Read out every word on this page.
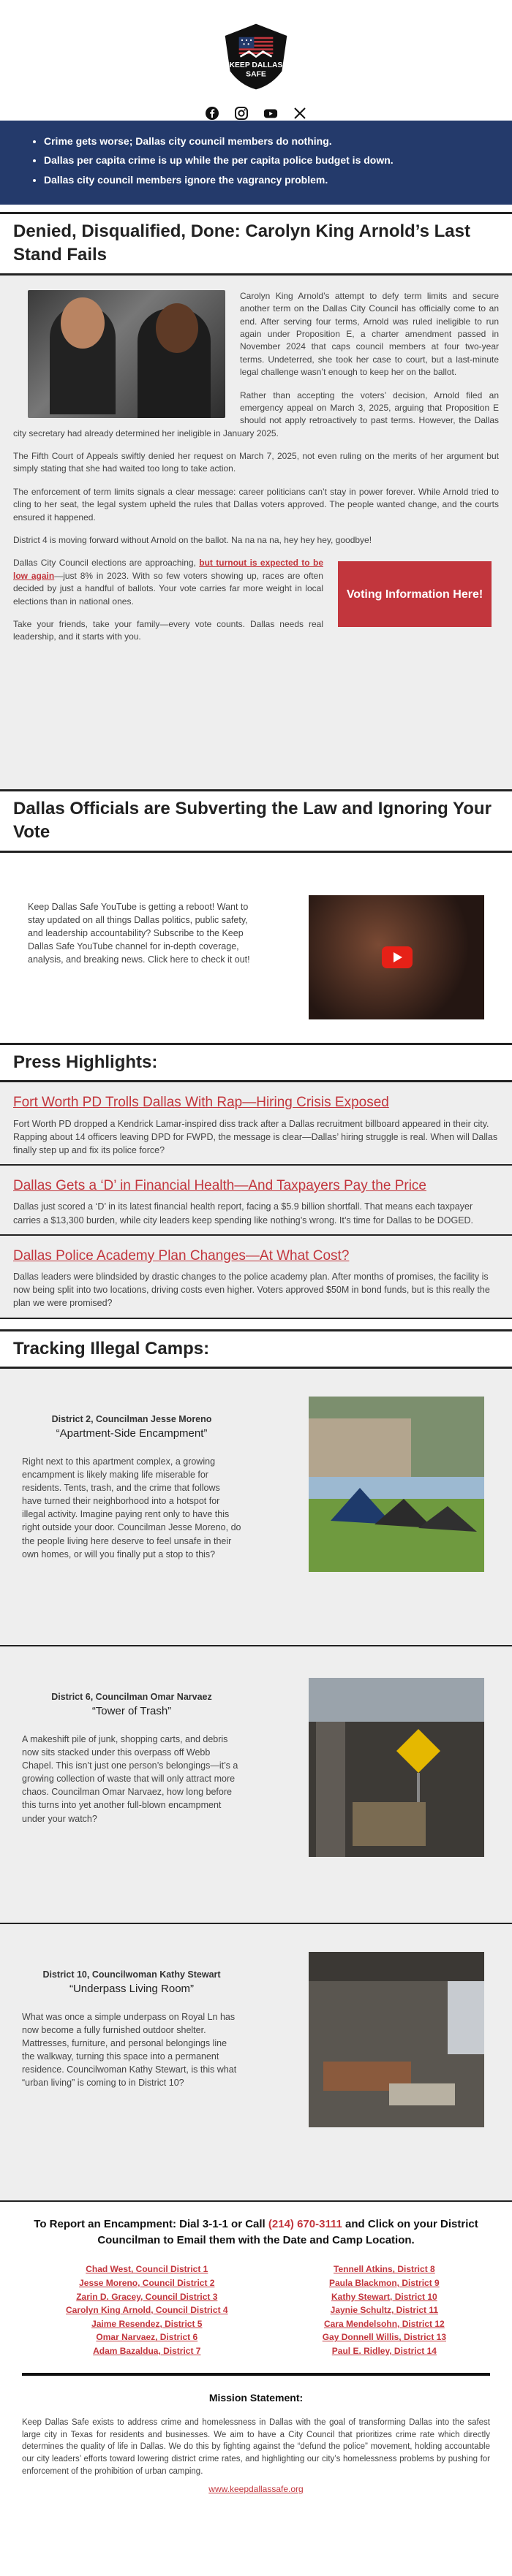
KEEP DALLAS
SAFE
• Crime gets worse; Dallas city council members do nothing.
• Dallas per capita crime is up while the per capita police budget is down.
• Dallas city council members ignore the vagrancy problem.
Denied, Disqualified, Done: Carolyn King Arnold’s Last Stand Fails

Carolyn King Arnold’s attempt to defy term limits and secure another term on the Dallas City Council has officially come to an end. After serving four terms, Arnold was ruled ineligible to run again under Proposition E, a charter amendment passed in November 2024 that caps council members at four two-year terms. Undeterred, she took her case to court, but a last-minute legal challenge wasn’t enough to keep her on the ballot.

Rather than accepting the voters’ decision, Arnold filed an emergency appeal on March 3, 2025, arguing that Proposition E should not apply retroactively to past terms. However, the Dallas city secretary had already determined her ineligible in January 2025.

The Fifth Court of Appeals swiftly denied her request on March 7, 2025, not even ruling on the merits of her argument but simply stating that she had waited too long to take action.

The enforcement of term limits signals a clear message: career politicians can’t stay in power forever. While Arnold tried to cling to her seat, the legal system upheld the rules that Dallas voters approved. The people wanted change, and the courts ensured it happened.

District 4 is moving forward without Arnold on the ballot. Na na na na, hey hey hey, goodbye!

Voting Information Here!

Dallas City Council elections are approaching, but turnout is expected to be low again—just 8% in 2023. With so few voters showing up, races are often decided by just a handful of ballots. Your vote carries far more weight in local elections than in national ones.

Take your friends, take your family—every vote counts. Dallas needs real leadership, and it starts with you.

Dallas Officials are Subverting the Law and Ignoring Your Vote

Keep Dallas Safe YouTube is getting a reboot! Want to stay updated on all things Dallas politics, public safety, and leadership accountability? Subscribe to the Keep Dallas Safe YouTube channel for in-depth coverage, analysis, and breaking news. Click here to check it out!

Press Highlights:
Fort Worth PD Trolls Dallas With Rap—Hiring Crisis Exposed

Fort Worth PD dropped a Kendrick Lamar-inspired diss track after a Dallas recruitment billboard appeared in their city. Rapping about 14 officers leaving DPD for FWPD, the message is clear—Dallas’ hiring struggle is real. When will Dallas finally step up and fix its police force?

Dallas Gets a ‘D’ in Financial Health—And Taxpayers Pay the Price

Dallas just scored a ‘D’ in its latest financial health report, facing a $5.9 billion shortfall. That means each taxpayer carries a $13,300 burden, while city leaders keep spending like nothing’s wrong. It’s time for Dallas to be DOGED.

Dallas Police Academy Plan Changes—At What Cost?

Dallas leaders were blindsided by drastic changes to the police academy plan. After months of promises, the facility is now being split into two locations, driving costs even higher. Voters approved $50M in bond funds, but is this really the plan we were promised?

Tracking Illegal Camps:
District 2, Councilman Jesse Moreno
“Apartment-Side Encampment”

Right next to this apartment complex, a growing encampment is likely making life miserable for residents. Tents, trash, and the crime that follows have turned their neighborhood into a hotspot for illegal activity. Imagine paying rent only to have this right outside your door. Councilman Jesse Moreno, do the people living here deserve to feel unsafe in their own homes, or will you finally put a stop to this?

District 6, Councilman Omar Narvaez
“Tower of Trash”

A makeshift pile of junk, shopping carts, and debris now sits stacked under this overpass off Webb Chapel. This isn’t just one person’s belongings—it’s a growing collection of waste that will only attract more chaos. Councilman Omar Narvaez, how long before this turns into yet another full-blown encampment under your watch?

District 10, Councilwoman Kathy Stewart
“Underpass Living Room”

What was once a simple underpass on Royal Ln has now become a fully furnished outdoor shelter. Mattresses, furniture, and personal belongings line the walkway, turning this space into a permanent residence. Councilwoman Kathy Stewart, is this what “urban living” is coming to in District 10?

To Report an Encampment: Dial 3-1-1 or Call (214) 670-3111 and Click on your District Councilman to Email them with the Date and Camp Location.
Chad West, Council District 1
Jesse Moreno, Council District 2
Zarin D. Gracey, Council District 3
Carolyn King Arnold, Council District 4
Jaime Resendez, District 5
Omar Narvaez, District 6
Adam Bazaldua, District 7
Tennell Atkins, District 8
Paula Blackmon, District 9
Kathy Stewart, District 10
Jaynie Schultz, District 11
Cara Mendelsohn, District 12
Gay Donnell Willis, District 13
Paul E. Ridley, District 14
Mission Statement:

Keep Dallas Safe exists to address crime and homelessness in Dallas with the goal of transforming Dallas into the safest large city in Texas for residents and businesses. We aim to have a City Council that prioritizes crime rate which directly determines the quality of life in Dallas. We do this by fighting against the “defund the police” movement, holding accountable our city leaders’ efforts toward lowering district crime rates, and highlighting our city’s homelessness problems by pushing for enforcement of the prohibition of urban camping.

www.keepdallassafe.org
